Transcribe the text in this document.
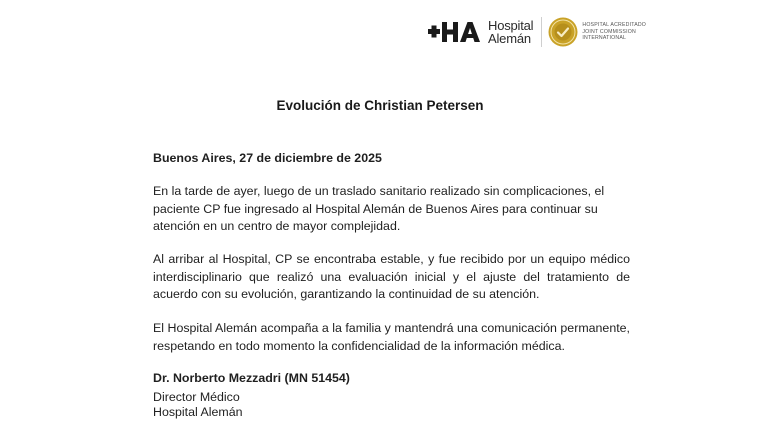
Hospital
Alemán
HOSPITAL ACREDITADO
JOINT COMMISSION
INTERNATIONAL
Evolución de Christian Petersen

Buenos Aires, 27 de diciembre de 2025

En la tarde de ayer, luego de un traslado sanitario realizado sin complicaciones, el paciente CP fue ingresado al Hospital Alemán de Buenos Aires para continuar su atención en un centro de mayor complejidad.

Al arribar al Hospital, CP se encontraba estable, y fue recibido por un equipo médico interdisciplinario que realizó una evaluación inicial y el ajuste del tratamiento de acuerdo con su evolución, garantizando la continuidad de su atención.

El Hospital Alemán acompaña a la familia y mantendrá una comunicación permanente, respetando en todo momento la confidencialidad de la información médica.

Dr. Norberto Mezzadri (MN 51454)
Director Médico
Hospital Alemán
